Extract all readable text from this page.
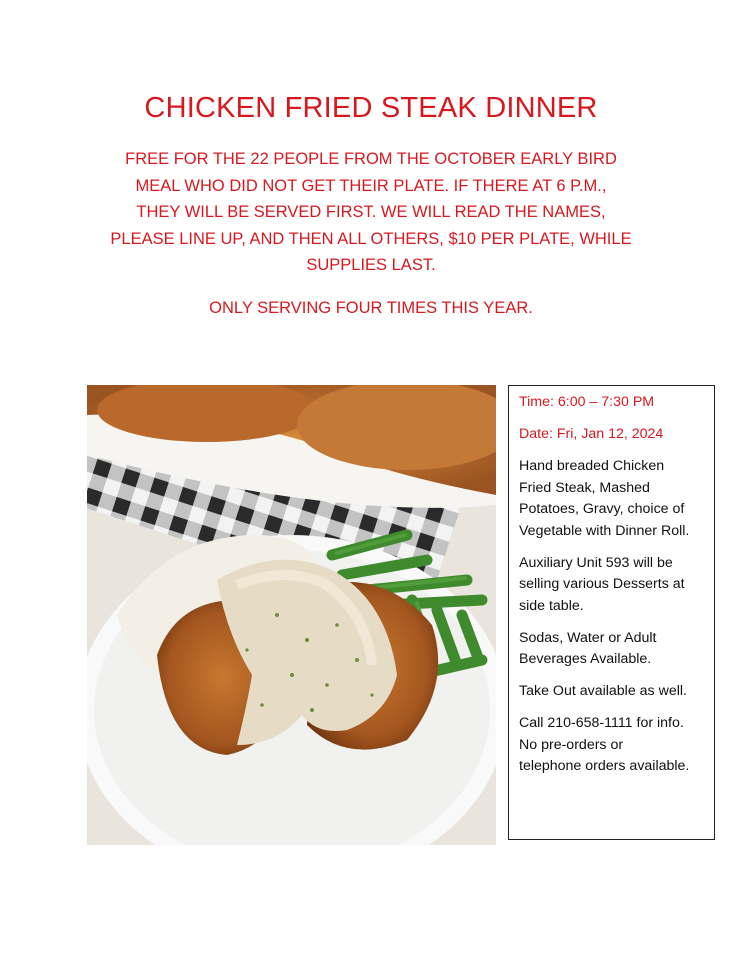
CHICKEN FRIED STEAK DINNER
FREE FOR THE 22 PEOPLE FROM THE OCTOBER EARLY BIRD
MEAL WHO DID NOT GET THEIR PLATE. IF THERE AT 6 P.M.,
THEY WILL BE SERVED FIRST. WE WILL READ THE NAMES,
PLEASE LINE UP, AND THEN ALL OTHERS, $10 PER PLATE, WHILE
SUPPLIES LAST.
ONLY SERVING FOUR TIMES THIS YEAR.

Time: 6:00 – 7:30 PM

Date: Fri, Jan 12, 2024

Hand breaded Chicken
Fried Steak, Mashed
Potatoes, Gravy, choice of
Vegetable with Dinner Roll.

Auxiliary Unit 593 will be
selling various Desserts at
side table.

Sodas, Water or Adult
Beverages Available.

Take Out available as well.

Call 210-658-1111 for info.
No pre-orders or
telephone orders available.
